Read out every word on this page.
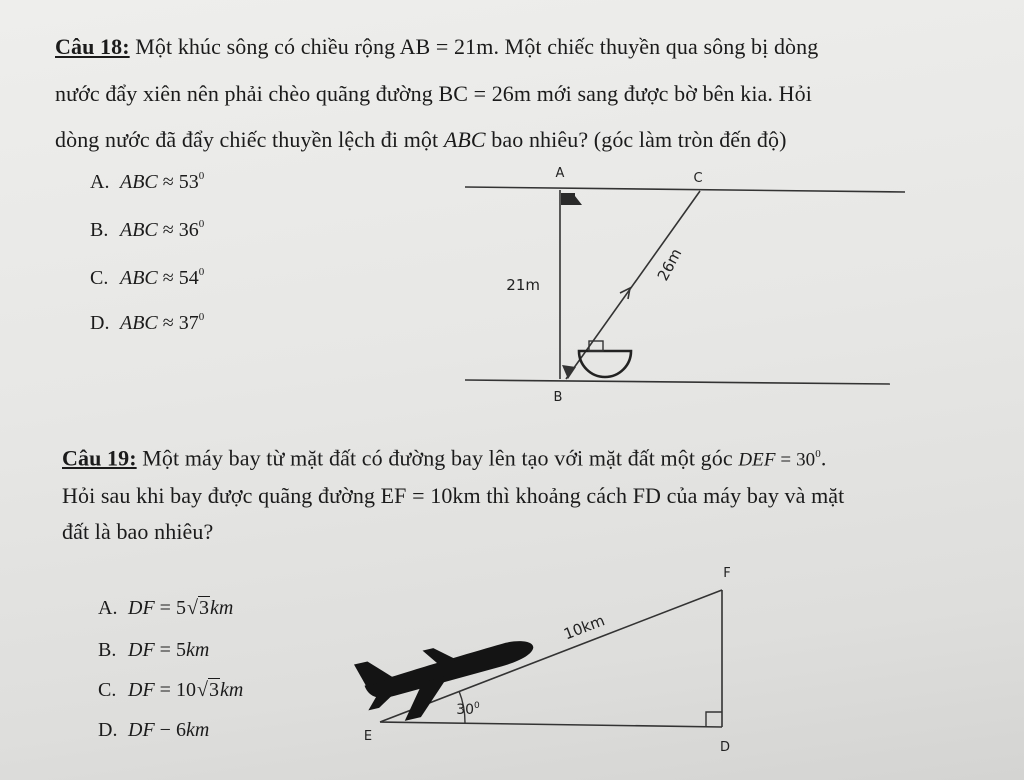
Câu 18: Một khúc sông có chiều rộng AB = 21m. Một chiếc thuyền qua sông bị dòng
nước đẩy xiên nên phải chèo quãng đường BC = 26m mới sang được bờ bên kia. Hỏi
dòng nước đã đẩy chiếc thuyền lệch đi một ABC bao nhiêu? (góc làm tròn đến độ)
A. ABC ≈ $53^0$
B. ABC ≈ $36^0$
C. ABC ≈ $54^0$
D. ABC ≈ $37^0$
A	C
21m
26m
B
Câu 19: Một máy bay từ mặt đất có đường bay lên tạo với mặt đất một góc DEF = $30^0$.
Hỏi sau khi bay được quãng đường EF = 10km thì khoảng cách FD của máy bay và mặt
đất là bao nhiêu?
A. DF = 5√3km
B. DF = 5km
C. DF = 10√3km
D. DF − 6km
F
E
D
10km
$30^0$
